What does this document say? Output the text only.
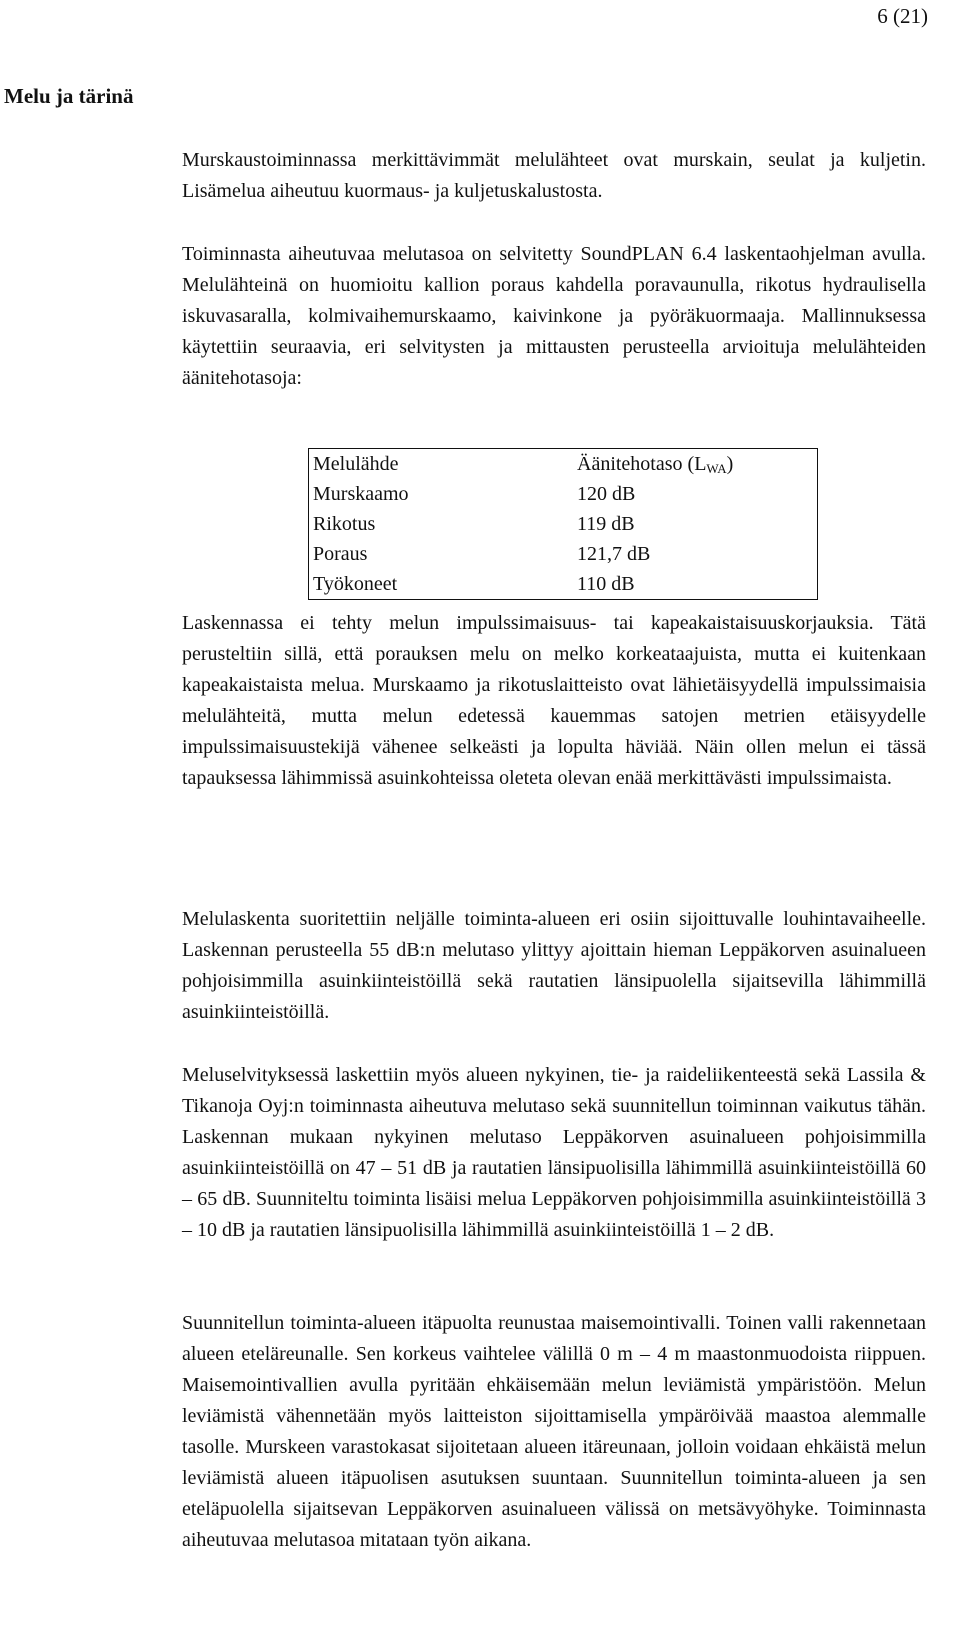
6 (21)
Melu ja tärinä

Murskaustoiminnassa merkittävimmät melulähteet ovat murskain, seulat ja kuljetin. Lisämelua aiheutuu kuormaus- ja kuljetuskalustosta.

Toiminnasta aiheutuvaa melutasoa on selvitetty SoundPLAN 6.4 laskentaohjelman avulla. Melulähteinä on huomioitu kallion poraus kahdella poravaunulla, rikotus hydraulisella iskuvasaralla, kolmivaihemurskaamo, kaivinkone ja pyöräkuormaaja. Mallinnuksessa käytettiin seuraavia, eri selvitysten ja mittausten perusteella arvioituja melulähteiden äänitehotasoja:

Melulähde	Äänitehotaso $(L_{WA})$
Murskaamo	120 dB
Rikotus	119 dB
Poraus	121,7 dB
Työkoneet	110 dB

Laskennassa ei tehty melun impulssimaisuus- tai kapeakaistaisuuskorjauksia. Tätä perusteltiin sillä, että porauksen melu on melko korkeataajuista, mutta ei kuitenkaan kapeakaistaista melua. Murskaamo ja rikotuslaitteisto ovat lähietäisyydellä impulssimaisia melulähteitä, mutta melun edetessä kauemmas satojen metrien etäisyydelle impulssimaisuustekijä vähenee selkeästi ja lopulta häviää. Näin ollen melun ei tässä tapauksessa lähimmissä asuinkohteissa oleteta olevan enää merkittävästi impulssimaista.

Melulaskenta suoritettiin neljälle toiminta-alueen eri osiin sijoittuvalle louhintavaiheelle. Laskennan perusteella 55 dB:n melutaso ylittyy ajoittain hieman Leppäkorven asuinalueen pohjoisimmilla asuinkiinteistöillä sekä rautatien länsipuolella sijaitsevilla lähimmillä asuinkiinteistöillä.

Meluselvityksessä laskettiin myös alueen nykyinen, tie- ja raideliikenteestä sekä Lassila & Tikanoja Oyj:n toiminnasta aiheutuva melutaso sekä suunnitellun toiminnan vaikutus tähän. Laskennan mukaan nykyinen melutaso Leppäkorven asuinalueen pohjoisimmilla asuinkiinteistöillä on 47 – 51 dB ja rautatien länsipuolisilla lähimmillä asuinkiinteistöillä 60 – 65 dB. Suunniteltu toiminta lisäisi melua Leppäkorven pohjoisimmilla asuinkiinteistöillä 3 – 10 dB ja rautatien länsipuolisilla lähimmillä asuinkiinteistöillä 1 – 2 dB.

Suunnitellun toiminta-alueen itäpuolta reunustaa maisemointivalli. Toinen valli rakennetaan alueen eteläreunalle. Sen korkeus vaihtelee välillä 0 m – 4 m maastonmuodoista riippuen. Maisemointivallien avulla pyritään ehkäisemään melun leviämistä ympäristöön. Melun leviämistä vähennetään myös laitteiston sijoittamisella ympäröivää maastoa alemmalle tasolle. Murskeen varastokasat sijoitetaan alueen itäreunaan, jolloin voidaan ehkäistä melun leviämistä alueen itäpuolisen asutuksen suuntaan. Suunnitellun toiminta-alueen ja sen eteläpuolella sijaitsevan Leppäkorven asuinalueen välissä on metsävyöhyke. Toiminnasta aiheutuvaa melutasoa mitataan työn aikana.
